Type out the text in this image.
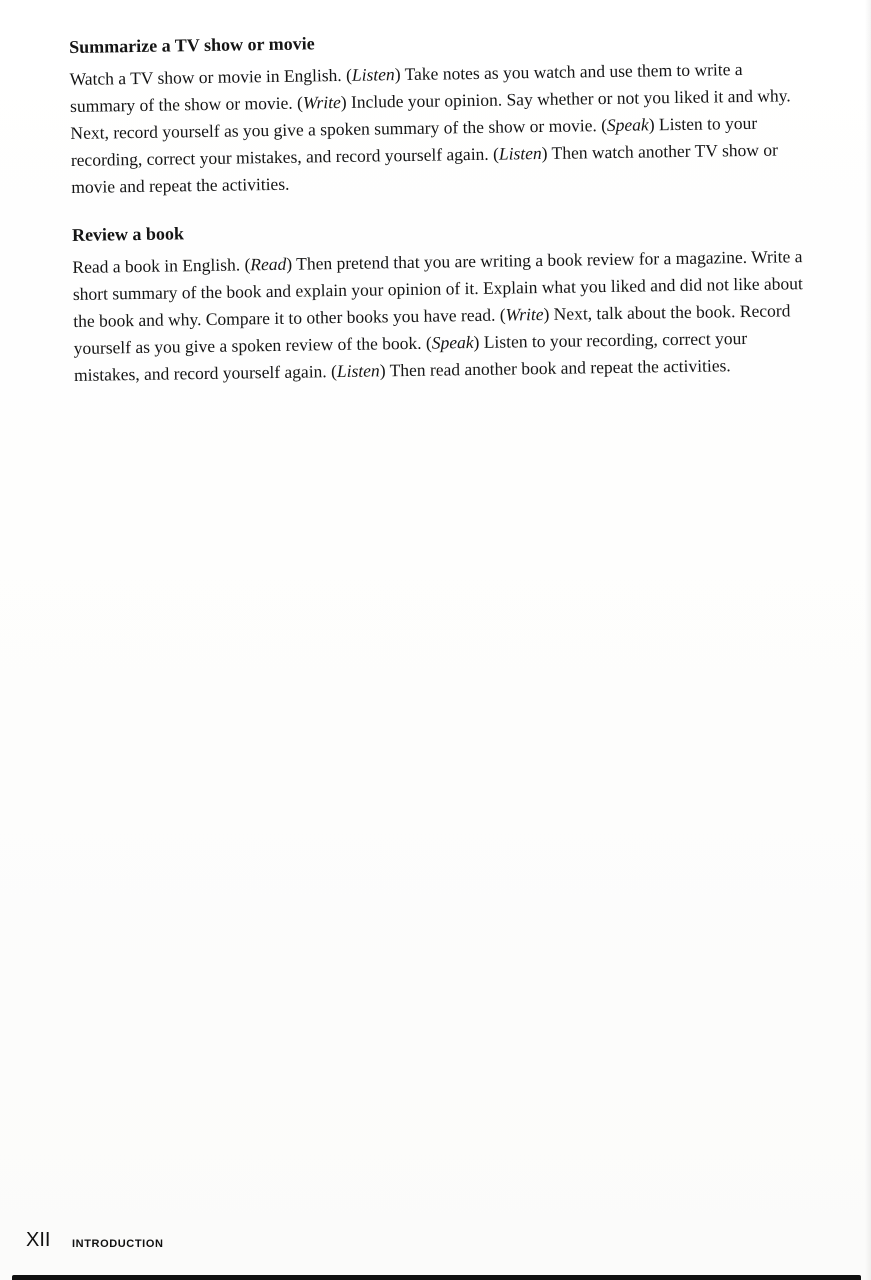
Summarize a TV show or movie

Watch a TV show or movie in English. (Listen) Take notes as you watch and use them to write a summary of the show or movie. (Write) Include your opinion. Say whether or not you liked it and why. Next, record yourself as you give a spoken summary of the show or movie. (Speak) Listen to your recording, correct your mistakes, and record yourself again. (Listen) Then watch another TV show or movie and repeat the activities.

Review a book

Read a book in English. (Read) Then pretend that you are writing a book review for a magazine. Write a short summary of the book and explain your opinion of it. Explain what you liked and did not like about the book and why. Compare it to other books you have read. (Write) Next, talk about the book. Record yourself as you give a spoken review of the book. (Speak) Listen to your recording, correct your mistakes, and record yourself again. (Listen) Then read another book and repeat the activities.

XII INTRODUCTION
